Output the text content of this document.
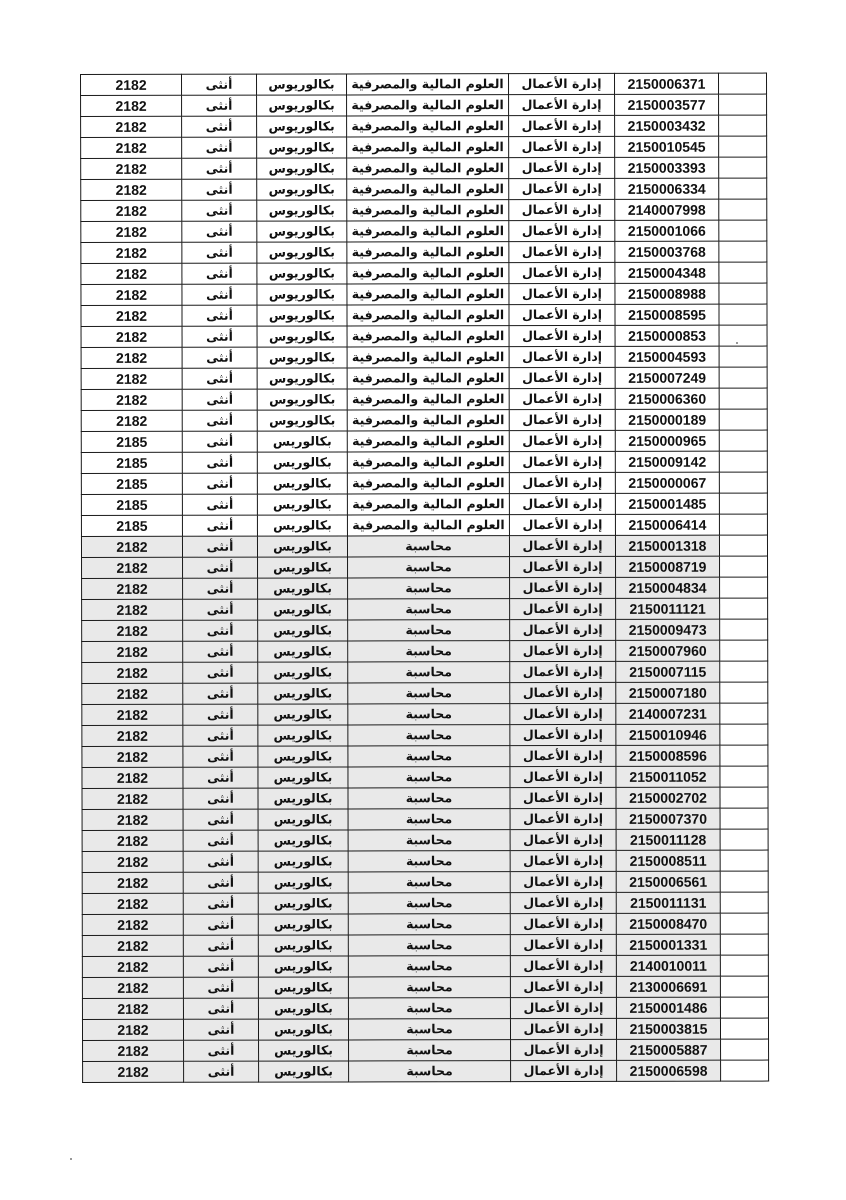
2182	أنثى	بكالوريوس	العلوم المالية والمصرفية	إدارة الأعمال	2150006371	
2182	أنثى	بكالوريوس	العلوم المالية والمصرفية	إدارة الأعمال	2150003577	
2182	أنثى	بكالوريوس	العلوم المالية والمصرفية	إدارة الأعمال	2150003432	
2182	أنثى	بكالوريوس	العلوم المالية والمصرفية	إدارة الأعمال	2150010545	
2182	أنثى	بكالوريوس	العلوم المالية والمصرفية	إدارة الأعمال	2150003393	
2182	أنثى	بكالوريوس	العلوم المالية والمصرفية	إدارة الأعمال	2150006334	
2182	أنثى	بكالوريوس	العلوم المالية والمصرفية	إدارة الأعمال	2140007998	
2182	أنثى	بكالوريوس	العلوم المالية والمصرفية	إدارة الأعمال	2150001066	
2182	أنثى	بكالوريوس	العلوم المالية والمصرفية	إدارة الأعمال	2150003768	
2182	أنثى	بكالوريوس	العلوم المالية والمصرفية	إدارة الأعمال	2150004348	
2182	أنثى	بكالوريوس	العلوم المالية والمصرفية	إدارة الأعمال	2150008988	
2182	أنثى	بكالوريوس	العلوم المالية والمصرفية	إدارة الأعمال	2150008595	
2182	أنثى	بكالوريوس	العلوم المالية والمصرفية	إدارة الأعمال	2150000853	
2182	أنثى	بكالوريوس	العلوم المالية والمصرفية	إدارة الأعمال	2150004593	
2182	أنثى	بكالوريوس	العلوم المالية والمصرفية	إدارة الأعمال	2150007249	
2182	أنثى	بكالوريوس	العلوم المالية والمصرفية	إدارة الأعمال	2150006360	
2182	أنثى	بكالوريوس	العلوم المالية والمصرفية	إدارة الأعمال	2150000189	
2185	أنثى	بكالوريس	العلوم المالية والمصرفية	إدارة الأعمال	2150000965	
2185	أنثى	بكالوريس	العلوم المالية والمصرفية	إدارة الأعمال	2150009142	
2185	أنثى	بكالوريس	العلوم المالية والمصرفية	إدارة الأعمال	2150000067	
2185	أنثى	بكالوريس	العلوم المالية والمصرفية	إدارة الأعمال	2150001485	
2185	أنثى	بكالوريس	العلوم المالية والمصرفية	إدارة الأعمال	2150006414	
2182	أنثى	بكالوريس	محاسبة	إدارة الأعمال	2150001318	
2182	أنثى	بكالوريس	محاسبة	إدارة الأعمال	2150008719	
2182	أنثى	بكالوريس	محاسبة	إدارة الأعمال	2150004834	
2182	أنثى	بكالوريس	محاسبة	إدارة الأعمال	2150011121	
2182	أنثى	بكالوريس	محاسبة	إدارة الأعمال	2150009473	
2182	أنثى	بكالوريس	محاسبة	إدارة الأعمال	2150007960	
2182	أنثى	بكالوريس	محاسبة	إدارة الأعمال	2150007115	
2182	أنثى	بكالوريس	محاسبة	إدارة الأعمال	2150007180	
2182	أنثى	بكالوريس	محاسبة	إدارة الأعمال	2140007231	
2182	أنثى	بكالوريس	محاسبة	إدارة الأعمال	2150010946	
2182	أنثى	بكالوريس	محاسبة	إدارة الأعمال	2150008596	
2182	أنثى	بكالوريس	محاسبة	إدارة الأعمال	2150011052	
2182	أنثى	بكالوريس	محاسبة	إدارة الأعمال	2150002702	
2182	أنثى	بكالوريس	محاسبة	إدارة الأعمال	2150007370	
2182	أنثى	بكالوريس	محاسبة	إدارة الأعمال	2150011128	
2182	أنثى	بكالوريس	محاسبة	إدارة الأعمال	2150008511	
2182	أنثى	بكالوريس	محاسبة	إدارة الأعمال	2150006561	
2182	أنثى	بكالوريس	محاسبة	إدارة الأعمال	2150011131	
2182	أنثى	بكالوريس	محاسبة	إدارة الأعمال	2150008470	
2182	أنثى	بكالوريس	محاسبة	إدارة الأعمال	2150001331	
2182	أنثى	بكالوريس	محاسبة	إدارة الأعمال	2140010011	
2182	أنثى	بكالوريس	محاسبة	إدارة الأعمال	2130006691	
2182	أنثى	بكالوريس	محاسبة	إدارة الأعمال	2150001486	
2182	أنثى	بكالوريس	محاسبة	إدارة الأعمال	2150003815	
2182	أنثى	بكالوريس	محاسبة	إدارة الأعمال	2150005887	
2182	أنثى	بكالوريس	محاسبة	إدارة الأعمال	2150006598	
